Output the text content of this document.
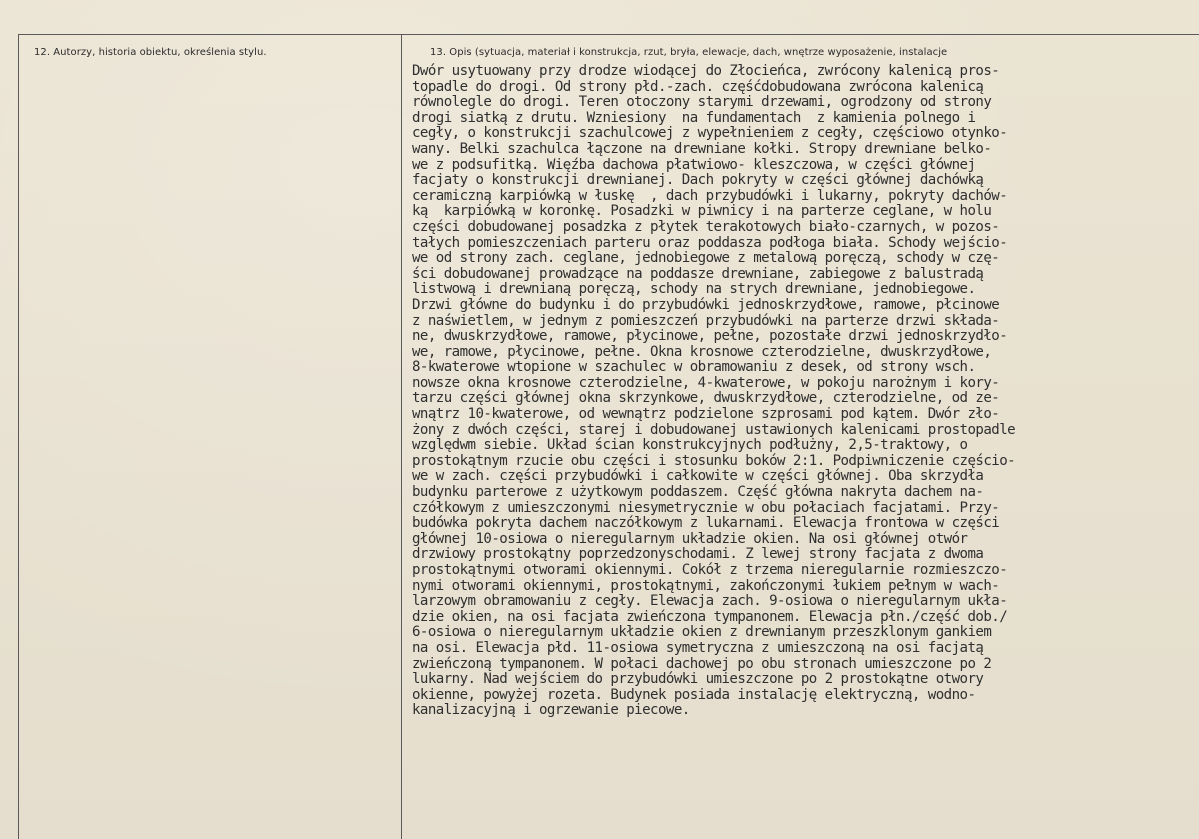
12. Autorzy, historia obiektu, określenia stylu.	13. Opis (sytuacja, materiał i konstrukcja, rzut, bryła, elewacje, dach, wnętrze wyposażenie, instalacje
Dwór usytuowany przy drodze wiodącej do Złocieńca, zwrócony kalenicą pros-
topadle do drogi. Od strony płd.-zach. częśćdobudowana zwrócona kalenicą
równolegle do drogi. Teren otoczony starymi drzewami, ogrodzony od strony
drogi siatką z drutu. Wzniesiony  na fundamentach  z kamienia polnego i
cegły, o konstrukcji szachulcowej z wypełnieniem z cegły, częściowo otynko-
wany. Belki szachulca łączone na drewniane kołki. Stropy drewniane belko-
we z podsufitką. Więźba dachowa płatwiowo- kleszczowa, w części głównej
facjaty o konstrukcji drewnianej. Dach pokryty w części głównej dachówką
ceramiczną karpiówką w łuskę  , dach przybudówki i lukarny, pokryty dachów-
ką  karpiówką w koronkę. Posadzki w piwnicy i na parterze ceglane, w holu
części dobudowanej posadzka z płytek terakotowych biało-czarnych, w pozos-
tałych pomieszczeniach parteru oraz poddasza podłoga biała. Schody wejścio-
we od strony zach. ceglane, jednobiegowe z metalową poręczą, schody w czę-
ści dobudowanej prowadzące na poddasze drewniane, zabiegowe z balustradą
listwową i drewnianą poręczą, schody na strych drewniane, jednobiegowe.
Drzwi główne do budynku i do przybudówki jednoskrzydłowe, ramowe, płcinowe
z naświetlem, w jednym z pomieszczeń przybudówki na parterze drzwi składa-
ne, dwuskrzydłowe, ramowe, płycinowe, pełne, pozostałe drzwi jednoskrzydło-
we, ramowe, płycinowe, pełne. Okna krosnowe czterodzielne, dwuskrzydłowe,
8-kwaterowe wtopione w szachulec w obramowaniu z desek, od strony wsch.
nowsze okna krosnowe czterodzielne, 4-kwaterowe, w pokoju narożnym i kory-
tarzu części głównej okna skrzynkowe, dwuskrzydłowe, czterodzielne, od ze-
wnątrz 10-kwaterowe, od wewnątrz podzielone szprosami pod kątem. Dwór zło-
żony z dwóch części, starej i dobudowanej ustawionych kalenicami prostopadle
względwm siebie. Układ ścian konstrukcyjnych podłużny, 2,5-traktowy, o
prostokątnym rzucie obu części i stosunku boków 2:1. Podpiwniczenie częścio-
we w zach. części przybudówki i całkowite w części głównej. Oba skrzydła
budynku parterowe z użytkowym poddaszem. Część główna nakryta dachem na-
czółkowym z umieszczonymi niesymetrycznie w obu połaciach facjatami. Przy-
budówka pokryta dachem naczółkowym z lukarnami. Elewacja frontowa w części
głównej 10-osiowa o nieregularnym układzie okien. Na osi głównej otwór
drzwiowy prostokątny poprzedzonyschodami. Z lewej strony facjata z dwoma
prostokątnymi otworami okiennymi. Cokół z trzema nieregularnie rozmieszczo-
nymi otworami okiennymi, prostokątnymi, zakończonymi łukiem pełnym w wach-
larzowym obramowaniu z cegły. Elewacja zach. 9-osiowa o nieregularnym ukła-
dzie okien, na osi facjata zwieńczona tympanonem. Elewacja płn./część dob./
6-osiowa o nieregularnym układzie okien z drewnianym przeszklonym gankiem
na osi. Elewacja płd. 11-osiowa symetryczna z umieszczoną na osi facjatą
zwieńczoną tympanonem. W połaci dachowej po obu stronach umieszczone po 2
lukarny. Nad wejściem do przybudówki umieszczone po 2 prostokątne otwory
okienne, powyżej rozeta. Budynek posiada instalację elektryczną, wodno-
kanalizacyjną i ogrzewanie piecowe.
